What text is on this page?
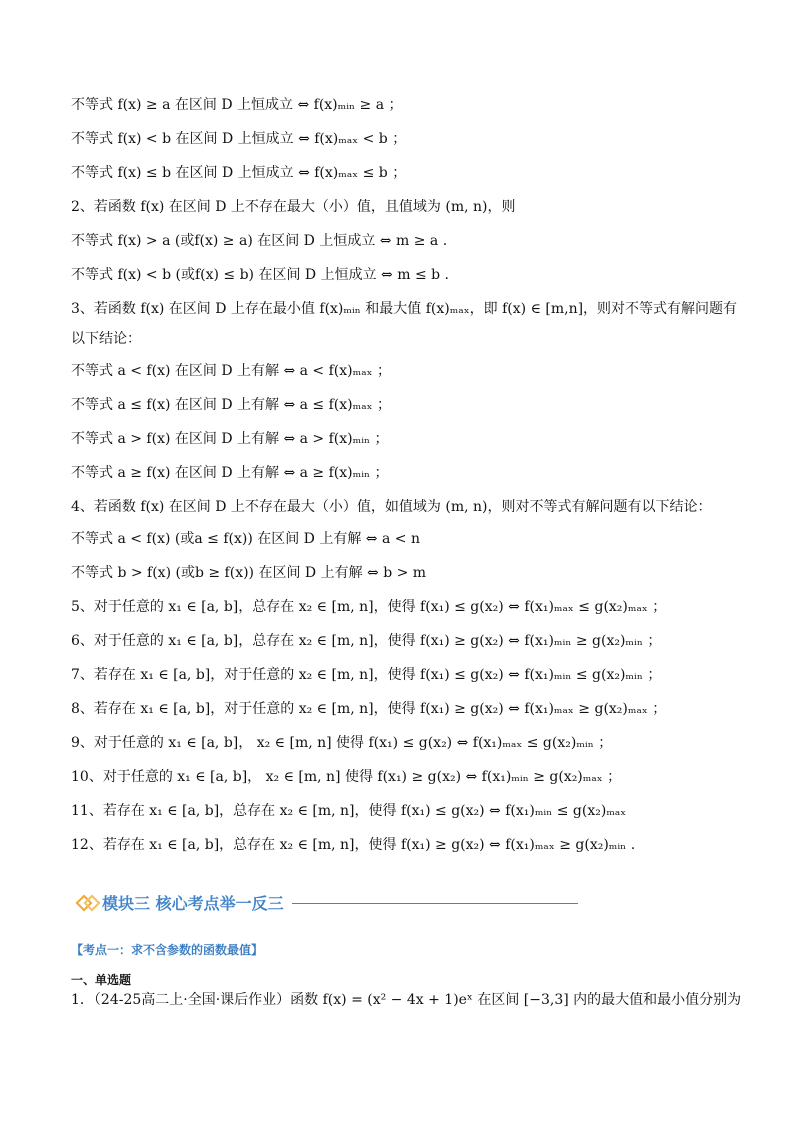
不等式 f(x) ≥ a 在区间 D 上恒成立 ⇔ f(x)ₘᵢₙ ≥ a ；
不等式 f(x) < b 在区间 D 上恒成立 ⇔ f(x)ₘₐₓ < b ；
不等式 f(x) ≤ b 在区间 D 上恒成立 ⇔ f(x)ₘₐₓ ≤ b ；
2、若函数 f(x) 在区间 D 上不存在最大（小）值，且值域为 (m, n)，则
不等式 f(x) > a (或f(x) ≥ a) 在区间 D 上恒成立 ⇔ m ≥ a .
不等式 f(x) < b (或f(x) ≤ b) 在区间 D 上恒成立 ⇔ m ≤ b .
3、若函数 f(x) 在区间 D 上存在最小值 f(x)ₘᵢₙ 和最大值 f(x)ₘₐₓ，即 f(x) ∈ [m,n]，则对不等式有解问题有
以下结论：
不等式 a < f(x) 在区间 D 上有解 ⇔ a < f(x)ₘₐₓ ；
不等式 a ≤ f(x) 在区间 D 上有解 ⇔ a ≤ f(x)ₘₐₓ ；
不等式 a > f(x) 在区间 D 上有解 ⇔ a > f(x)ₘᵢₙ ；
不等式 a ≥ f(x) 在区间 D 上有解 ⇔ a ≥ f(x)ₘᵢₙ ；
4、若函数 f(x) 在区间 D 上不存在最大（小）值，如值域为 (m, n)，则对不等式有解问题有以下结论：
不等式 a < f(x) (或a ≤ f(x)) 在区间 D 上有解 ⇔ a < n
不等式 b > f(x) (或b ≥ f(x)) 在区间 D 上有解 ⇔ b > m
5、对于任意的 x₁ ∈ [a, b]，总存在 x₂ ∈ [m, n]，使得 f(x₁) ≤ g(x₂) ⇔ f(x₁)ₘₐₓ ≤ g(x₂)ₘₐₓ ；
6、对于任意的 x₁ ∈ [a, b]，总存在 x₂ ∈ [m, n]，使得 f(x₁) ≥ g(x₂) ⇔ f(x₁)ₘᵢₙ ≥ g(x₂)ₘᵢₙ ；
7、若存在 x₁ ∈ [a, b]，对于任意的 x₂ ∈ [m, n]，使得 f(x₁) ≤ g(x₂) ⇔ f(x₁)ₘᵢₙ ≤ g(x₂)ₘᵢₙ ；
8、若存在 x₁ ∈ [a, b]，对于任意的 x₂ ∈ [m, n]，使得 f(x₁) ≥ g(x₂) ⇔ f(x₁)ₘₐₓ ≥ g(x₂)ₘₐₓ ；
9、对于任意的 x₁ ∈ [a, b]， x₂ ∈ [m, n] 使得 f(x₁) ≤ g(x₂) ⇔ f(x₁)ₘₐₓ ≤ g(x₂)ₘᵢₙ ；
10、对于任意的 x₁ ∈ [a, b]， x₂ ∈ [m, n] 使得 f(x₁) ≥ g(x₂) ⇔ f(x₁)ₘᵢₙ ≥ g(x₂)ₘₐₓ ；
11、若存在 x₁ ∈ [a, b]，总存在 x₂ ∈ [m, n]，使得 f(x₁) ≤ g(x₂) ⇔ f(x₁)ₘᵢₙ ≤ g(x₂)ₘₐₓ
12、若存在 x₁ ∈ [a, b]，总存在 x₂ ∈ [m, n]，使得 f(x₁) ≥ g(x₂) ⇔ f(x₁)ₘₐₓ ≥ g(x₂)ₘᵢₙ .
模块三 核心考点举一反三
【考点一：求不含参数的函数最值】
一、单选题
1．（24-25高二上·全国·课后作业）函数 f(x) = (x² − 4x + 1)eˣ 在区间 [−3,3] 内的最大值和最小值分别为
